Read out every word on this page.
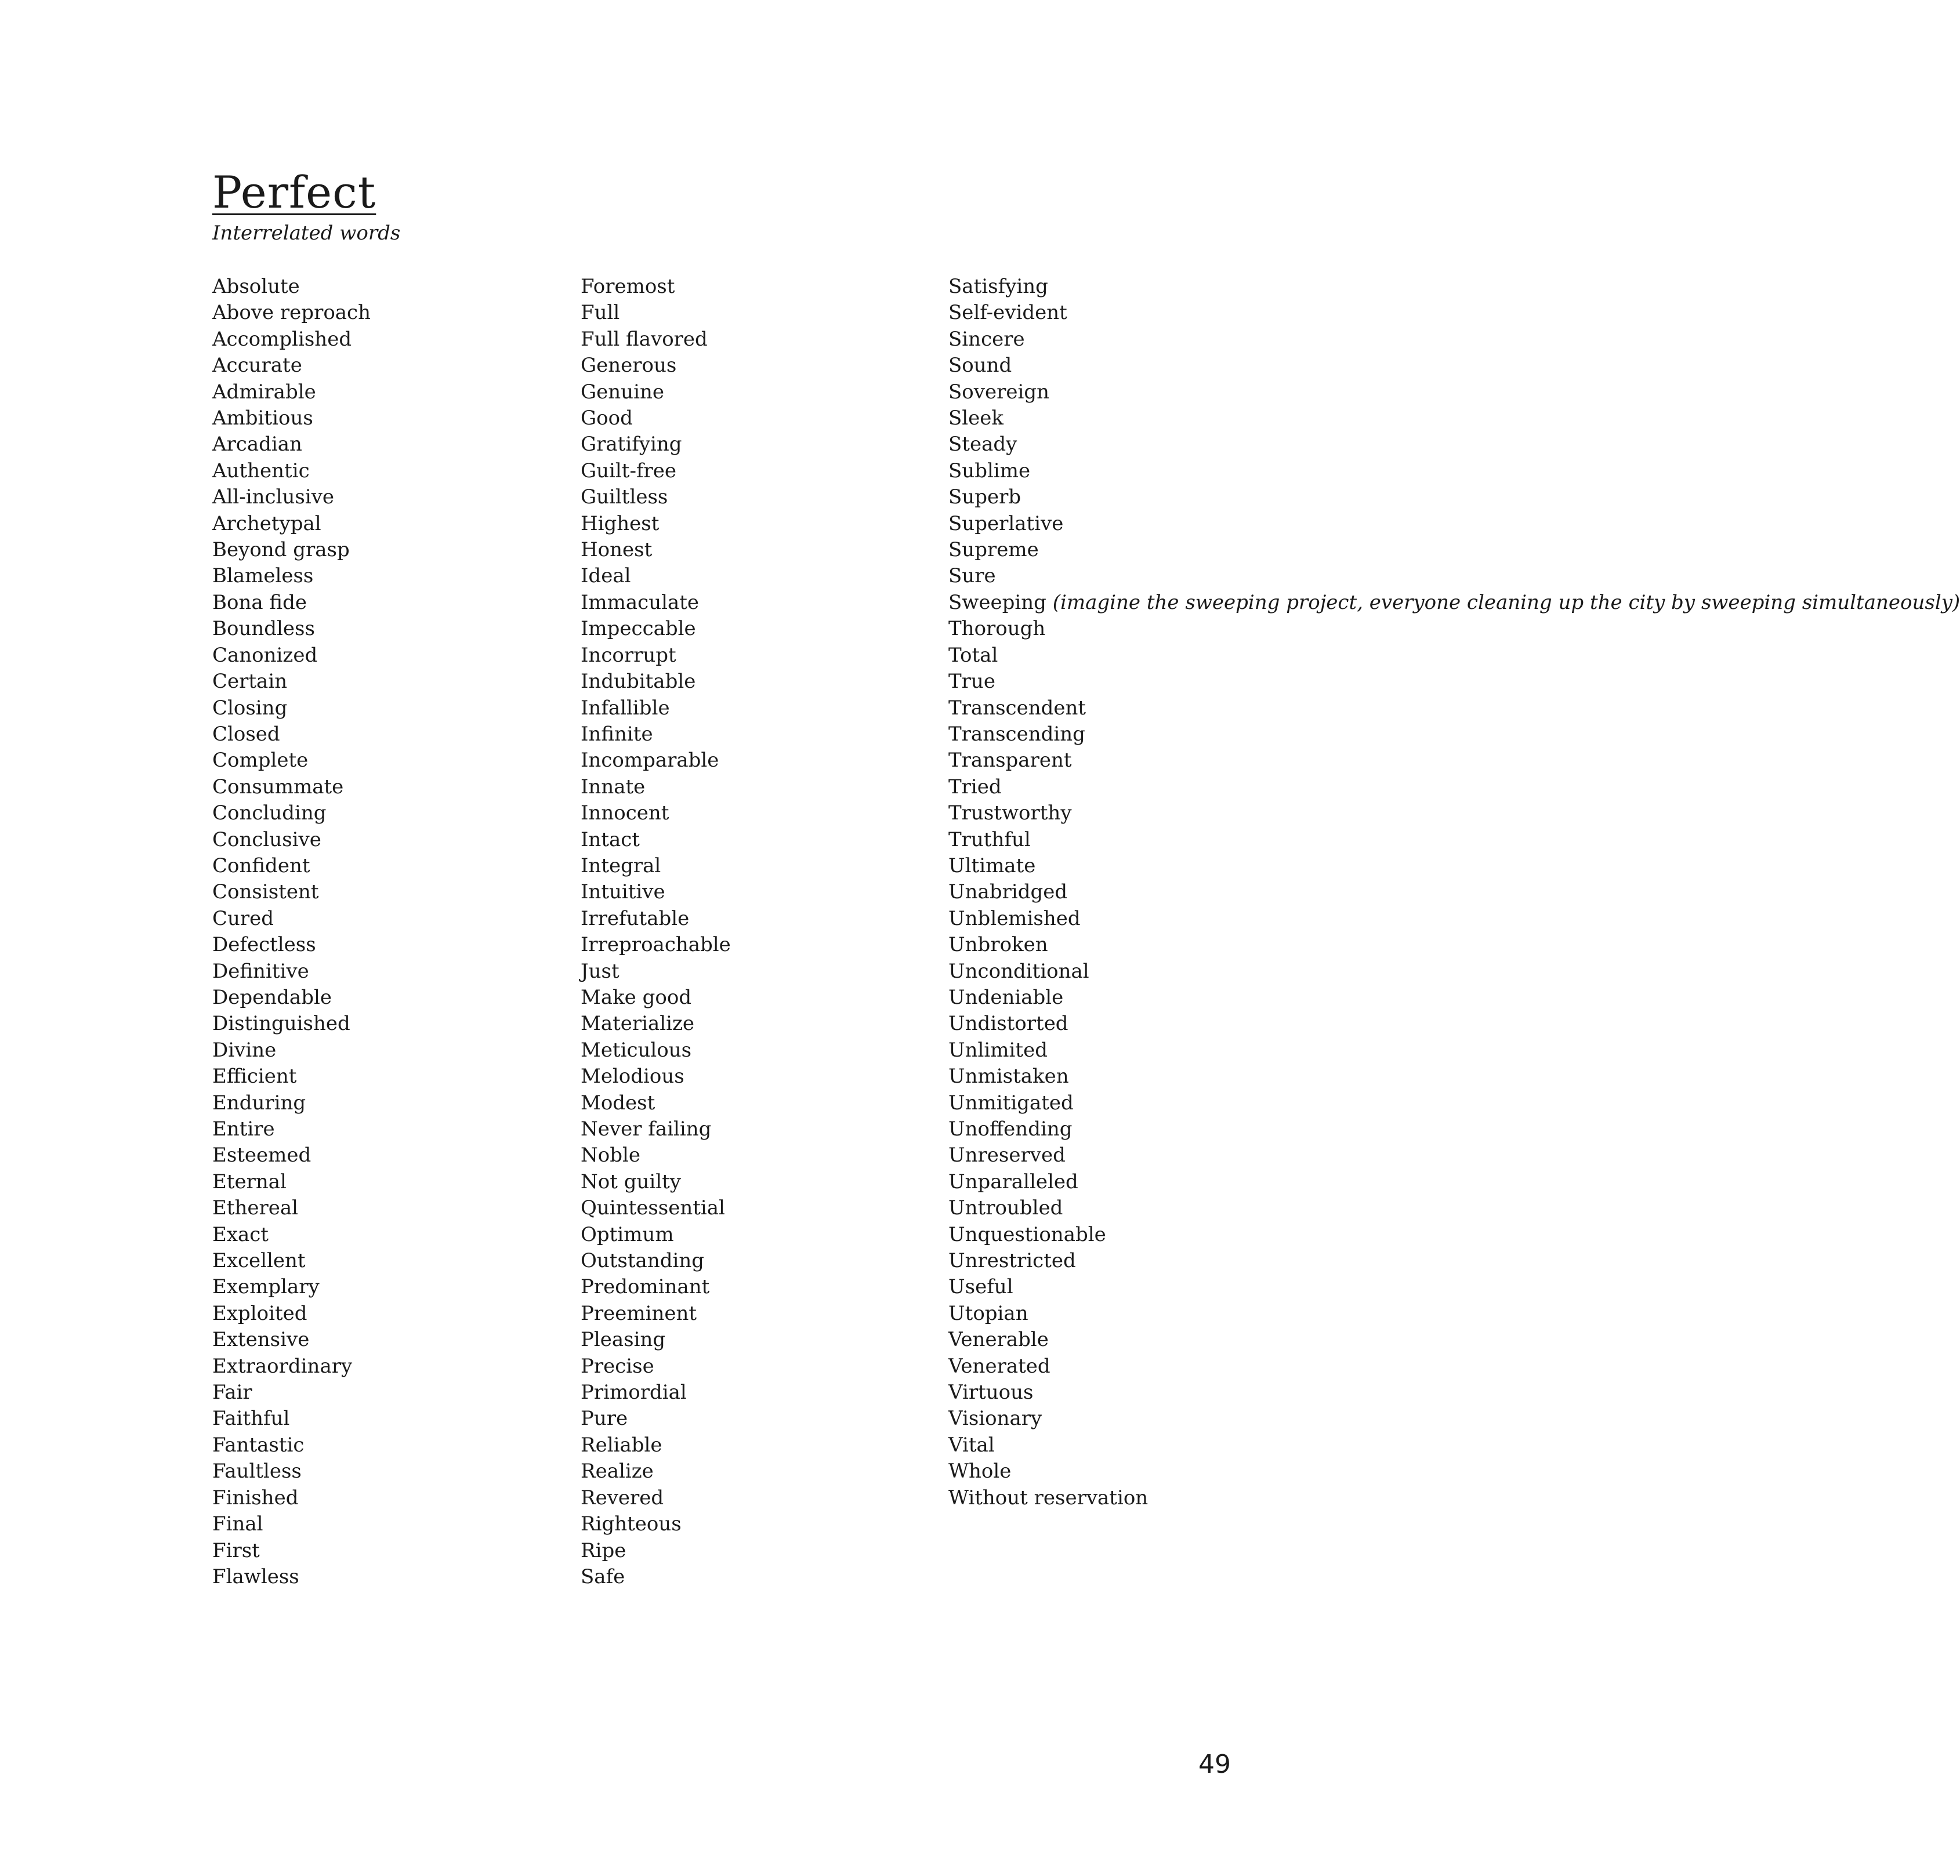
Perfect

Interrelated words

Absolute
Above reproach
Accomplished
Accurate
Admirable
Ambitious
Arcadian
Authentic
All-inclusive
Archetypal
Beyond grasp
Blameless
Bona fide
Boundless
Canonized
Certain
Closing
Closed
Complete
Consummate
Concluding
Conclusive
Confident
Consistent
Cured
Defectless
Definitive
Dependable
Distinguished
Divine
Efficient
Enduring
Entire
Esteemed
Eternal
Ethereal
Exact
Excellent
Exemplary
Exploited
Extensive
Extraordinary
Fair
Faithful
Fantastic
Faultless
Finished
Final
First
Flawless
Foremost
Full
Full flavored
Generous
Genuine
Good
Gratifying
Guilt-free
Guiltless
Highest
Honest
Ideal
Immaculate
Impeccable
Incorrupt
Indubitable
Infallible
Infinite
Incomparable
Innate
Innocent
Intact
Integral
Intuitive
Irrefutable
Irreproachable
Just
Make good
Materialize
Meticulous
Melodious
Modest
Never failing
Noble
Not guilty
Quintessential
Optimum
Outstanding
Predominant
Preeminent
Pleasing
Precise
Primordial
Pure
Reliable
Realize
Revered
Righteous
Ripe
Safe
Satisfying
Self-evident
Sincere
Sound
Sovereign
Sleek
Steady
Sublime
Superb
Superlative
Supreme
Sure
Sweeping (imagine the sweeping project, everyone cleaning up the city by sweeping simultaneously)
Thorough
Total
True
Transcendent
Transcending
Transparent
Tried
Trustworthy
Truthful
Ultimate
Unabridged
Unblemished
Unbroken
Unconditional
Undeniable
Undistorted
Unlimited
Unmistaken
Unmitigated
Unoffending
Unreserved
Unparalleled
Untroubled
Unquestionable
Unrestricted
Useful
Utopian
Venerable
Venerated
Virtuous
Visionary
Vital
Whole
Without reservation

49
